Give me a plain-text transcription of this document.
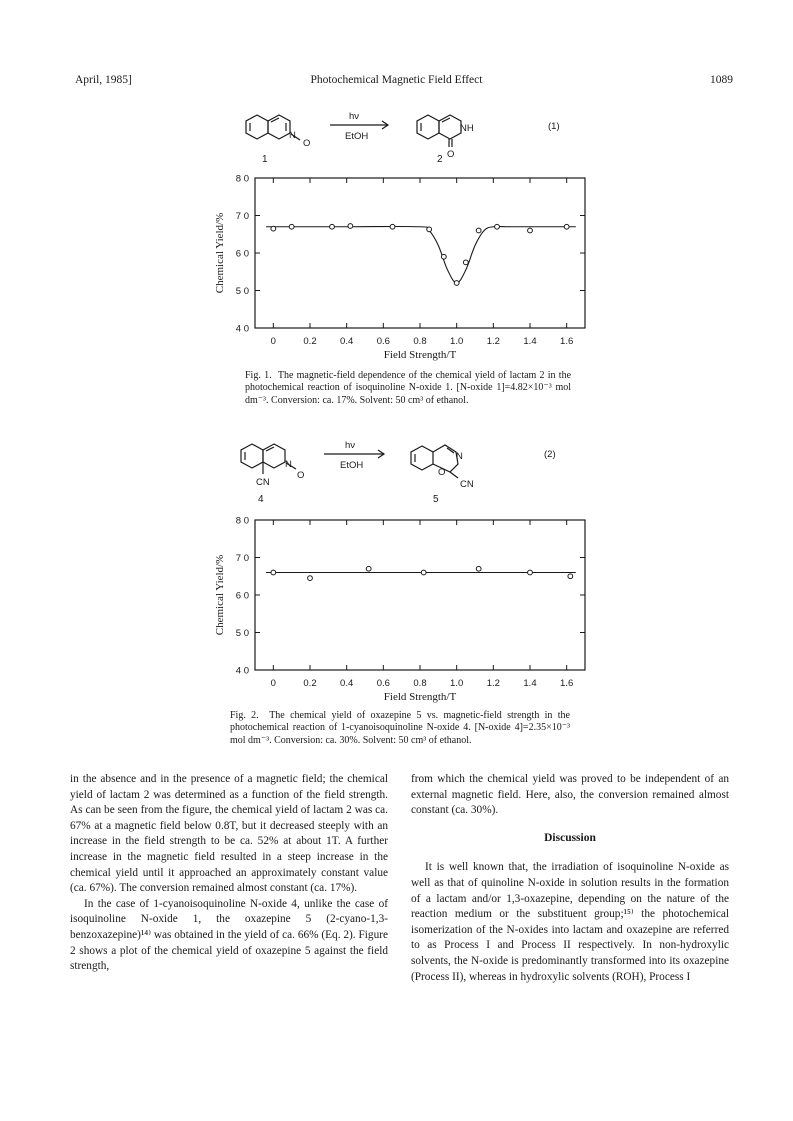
April, 1985]	Photochemical Magnetic Field Effect	1089
N
O
hν
EtOH
NH
O
(1)
1	2
0	0.2 0.4 0.6 0.8 1.0 1.2 1.4 1.6
4 0
5 0
6 0
7 0
8 0
Field Strength/T
Chemical Yield/%
Fig. 1. The magnetic-field dependence of the chemical yield of lactam 2 in the photochemical reaction of isoquinoline N-oxide 1. [N-oxide 1]=4.82×10⁻³ mol dm⁻³. Conversion: ca. 17%. Solvent: 50 cm³ of ethanol.
N
O
CN
hν
EtOH
N
O
CN
(2)
4	5
0	0.2 0.4 0.6 0.8 1.0 1.2 1.4 1.6
4 0
5 0
6 0
7 0
8 0
Field Strength/T
Chemical Yield/%
Fig. 2. The chemical yield of oxazepine 5 vs. magnetic-field strength in the photochemical reaction of 1-cyanoisoquinoline N-oxide 4. [N-oxide 4]=2.35×10⁻³ mol dm⁻³. Conversion: ca. 30%. Solvent: 50 cm³ of ethanol.

in the absence and in the presence of a magnetic field; the chemical yield of lactam 2 was determined as a function of the field strength. As can be seen from the figure, the chemical yield of lactam 2 was ca. 67% at a magnetic field below 0.8T, but it decreased steeply with an increase in the field strength to be ca. 52% at about 1T. A further increase in the magnetic field resulted in a steep increase in the chemical yield until it approached an approximately constant value (ca. 67%). The conversion remained almost constant (ca. 17%).

In the case of 1-cyanoisoquinoline N-oxide 4, unlike the case of isoquinoline N-oxide 1, the oxazepine 5 (2-cyano-1,3-benzoxazepine)¹⁴⁾ was obtained in the yield of ca. 66% (Eq. 2). Figure 2 shows a plot of the chemical yield of oxazepine 5 against the field strength,

from which the chemical yield was proved to be independent of an external magnetic field. Here, also, the conversion remained almost constant (ca. 30%).

Discussion

It is well known that, the irradiation of isoquinoline N-oxide as well as that of quinoline N-oxide in solution results in the formation of a lactam and/or 1,3-oxazepine, depending on the nature of the reaction medium or the substituent group;¹⁵⁾ the photochemical isomerization of the N-oxides into lactam and oxazepine are referred to as Process I and Process II respectively. In non-hydroxylic solvents, the N-oxide is predominantly transformed into its oxazepine (Process II), whereas in hydroxylic solvents (ROH), Process I
